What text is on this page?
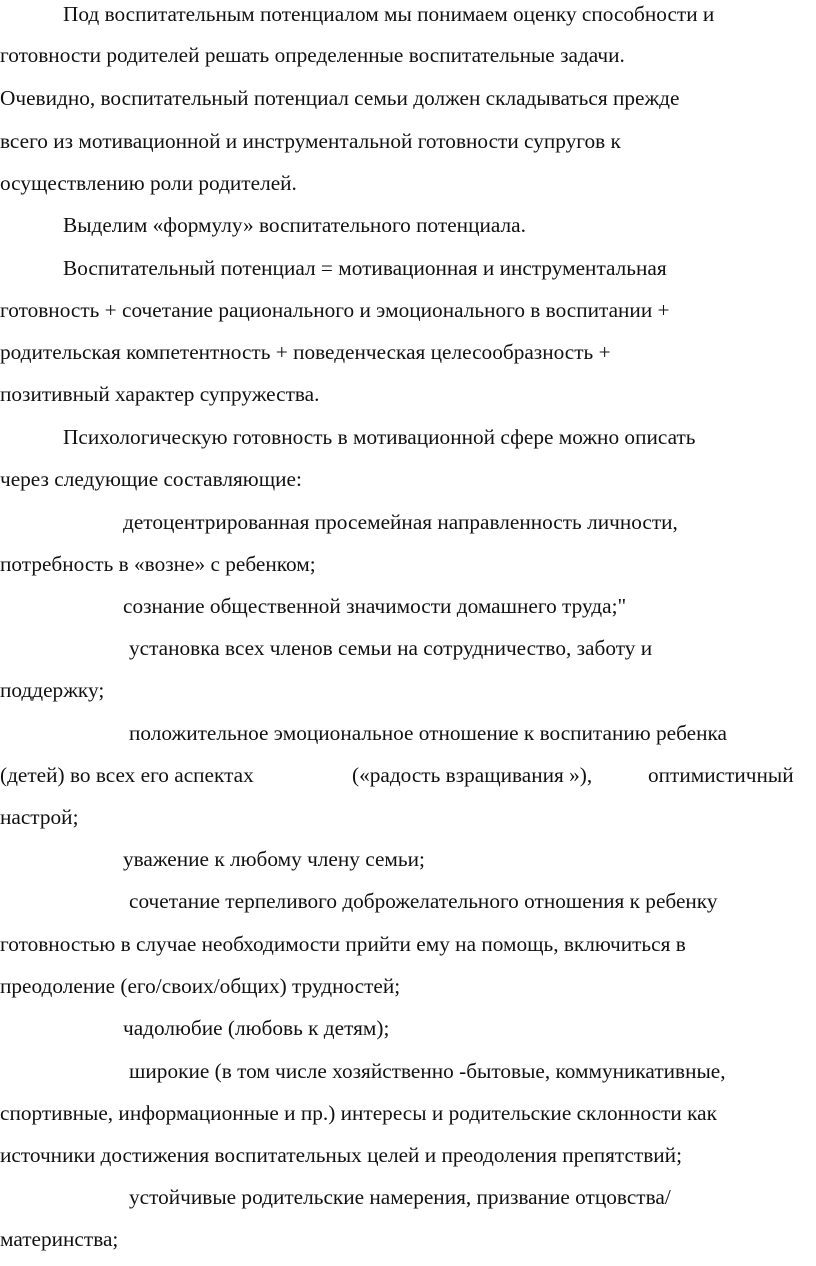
Под воспитательным потенциалом мы понимаем оценку способности и
готовности родителей решать определенные воспитательные задачи.
Очевидно, воспитательный потенциал семьи должен складываться прежде
всего из мотивационной и инструментальной готовности супругов к
осуществлению роли родителей.
Выделим «формулу» воспитательного потенциала.
Воспитательный потенциал = мотивационная и инструментальная
готовность + сочетание рационального и эмоционального в воспитании +
родительская компетентность + поведенческая целесообразность +
позитивный характер супружества.
Психологическую готовность в мотивационной сфере можно описать
через следующие составляющие:
детоцентрированная просемейная направленность личности,
потребность в «возне» с ребенком;
сознание общественной значимости домашнего труда;"
установка всех членов семьи на сотрудничество, заботу и
поддержку;
положительное эмоциональное отношение к воспитанию ребенка
(детей) во всех его аспектах	(«радость взращивания »),	оптимистичный
настрой;
уважение к любому члену семьи;
сочетание терпеливого доброжелательного отношения к ребенку
готовностью в случае необходимости прийти ему на помощь, включиться в
преодоление (его/своих/общих) трудностей;
чадолюбие (любовь к детям);
широкие (в том числе хозяйственно -бытовые, коммуникативные,
спортивные, информационные и пр.) интересы и родительские склонности как
источники достижения воспитательных целей и преодоления препятствий;
устойчивые родительские намерения, призвание отцовства/
материнства;
